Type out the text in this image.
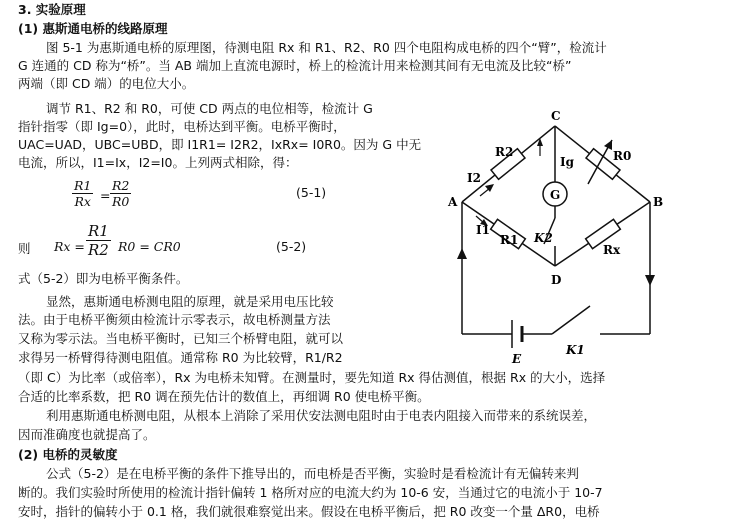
3. 实验原理
(1) 惠斯通电桥的线路原理
图 5-1 为惠斯通电桥的原理图，待测电阻 Rx 和 R1、R2、R0 四个电阻构成电桥的四个“臂”，检流计
G 连通的 CD 称为“桥”。当 AB 端加上直流电源时，桥上的检流计用来检测其间有无电流及比较“桥”
两端（即 CD 端）的电位大小。
调节 R1、R2 和 R0，可使 CD 两点的电位相等，检流计 G
指针指零（即 Ig=0），此时，电桥达到平衡。电桥平衡时，
UAC=UAD，UBC=UBD，即 I1R1= I2R2，IxRx= I0R0。因为 G 中无
电流，所以，I1=Ix，I2=I0。上列两式相除，得：
$\frac{R1}{Rx} = \frac{R2}{R0}$	(5-1)
则 $Rx = \frac{R1}{R2} R0 = CR0$	(5-2)
式（5-2）即为电桥平衡条件。
显然，惠斯通电桥测电阻的原理，就是采用电压比较
法。由于电桥平衡须由检流计示零表示，故电桥测量方法
又称为零示法。当电桥平衡时，已知三个桥臂电阻，就可以
求得另一桥臂得待测电阻值。通常称 R0 为比较臂，R1/R2
（即 C）为比率（或倍率），Rx 为电桥未知臂。在测量时，要先知道 Rx 得估测值，根据 Rx 的大小，选择
合适的比率系数，把 R0 调在预先估计的数值上，再细调 R0 使电桥平衡。
利用惠斯通电桥测电阻，从根本上消除了采用伏安法测电阻时由于电表内阻接入而带来的系统误差，
因而准确度也就提高了。
(2) 电桥的灵敏度
公式（5-2）是在电桥平衡的条件下推导出的，而电桥是否平衡，实验时是看检流计有无偏转来判
断的。我们实验时所使用的检流计指针偏转 1 格所对应的电流大约为 10-6 安，当通过它的电流小于 10-7
安时，指针的偏转小于 0.1 格，我们就很难察觉出来。假设在电桥平衡后，把 R0 改变一个量 ΔR0，电桥
C
A	B
D
R2	R0
R1
Rx
I2
I1
Ig
G
K2
K1
E
